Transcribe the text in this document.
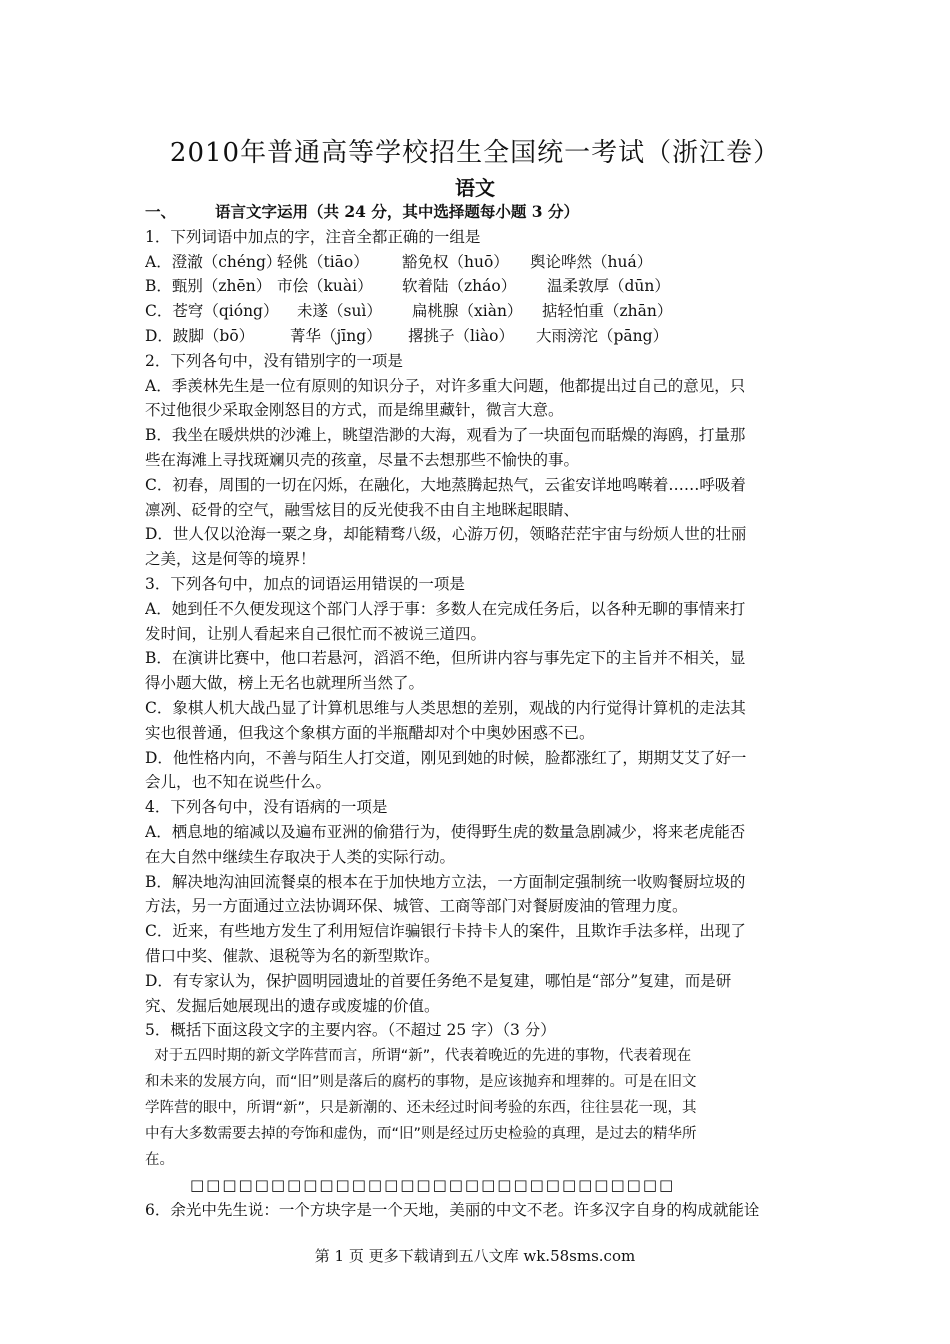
2010年普通高等学校招生全国统一考试（浙江卷）
语文
一、	语言文字运用（共 24 分，其中选择题每小题 3 分）
1．下列词语中加点的字，注音全都正确的一组是
A．澄澈（chéng）轻佻（tiāo） 豁免权（huō） 舆论哗然（huá）
B．甄别（zhēn） 市侩（kuài） 软着陆（zháo） 温柔敦厚（dūn）
C．苍穹（qióng） 未遂（suì） 扁桃腺（xiàn） 掂轻怕重（zhān）
D．跛脚（bō） 菁华（jīng） 撂挑子（liào） 大雨滂沱（pāng）
2．下列各句中，没有错别字的一项是
A．季羡林先生是一位有原则的知识分子，对许多重大问题，他都提出过自己的意见，只
不过他很少采取金刚怒目的方式，而是绵里藏针，微言大意。
B．我坐在暖烘烘的沙滩上，眺望浩渺的大海，观看为了一块面包而聒燥的海鸥，打量那
些在海滩上寻找斑斓贝壳的孩童，尽量不去想那些不愉快的事。
C．初春，周围的一切在闪烁，在融化，大地蒸腾起热气，云雀安详地鸣啭着……呼吸着
凛冽、砭骨的空气，融雪炫目的反光使我不由自主地眯起眼睛、
D．世人仅以沧海一粟之身，却能精骛八级，心游万仞，领略茫茫宇宙与纷烦人世的壮丽
之美，这是何等的境界！
3．下列各句中，加点的词语运用错误的一项是
A．她到任不久便发现这个部门人浮于事：多数人在完成任务后，以各种无聊的事情来打
发时间，让别人看起来自己很忙而不被说三道四。
B．在演讲比赛中，他口若悬河，滔滔不绝，但所讲内容与事先定下的主旨并不相关，显
得小题大做，榜上无名也就理所当然了。
C．象棋人机大战凸显了计算机思维与人类思想的差别，观战的内行觉得计算机的走法其
实也很普通，但我这个象棋方面的半瓶醋却对个中奥妙困惑不已。
D．他性格内向，不善与陌生人打交道，刚见到她的时候，脸都涨红了，期期艾艾了好一
会儿，也不知在说些什么。
4．下列各句中，没有语病的一项是
A．栖息地的缩减以及遍布亚洲的偷猎行为，使得野生虎的数量急剧减少，将来老虎能否
在大自然中继续生存取决于人类的实际行动。
B．解决地沟油回流餐桌的根本在于加快地方立法，一方面制定强制统一收购餐厨垃圾的
方法，另一方面通过立法协调环保、城管、工商等部门对餐厨废油的管理力度。
C．近来，有些地方发生了利用短信诈骗银行卡持卡人的案件，且欺诈手法多样，出现了
借口中奖、催款、退税等为名的新型欺诈。
D．有专家认为，保护圆明园遗址的首要任务绝不是复建，哪怕是“部分”复建，而是研
究、发掘后她展现出的遗存或废墟的价值。
5．概括下面这段文字的主要内容。（不超过 25 字）（3 分）
对于五四时期的新文学阵营而言，所谓“新”，代表着晚近的先进的事物，代表着现在
和未来的发展方向，而“旧”则是落后的腐朽的事物，是应该抛弃和埋葬的。可是在旧文
学阵营的眼中，所谓“新”，只是新潮的、还未经过时间考验的东西，往往昙花一现，其
中有大多数需要去掉的夸饰和虚伪，而“旧”则是经过历史检验的真理，是过去的精华所
在。
□□□□□□□□□□□□□□□□□□□□□□□□□□□□□□
6．余光中先生说：一个方块字是一个天地，美丽的中文不老。许多汉字自身的构成就能诠
第 1 页 更多下载请到五八文库 wk.58sms.com
